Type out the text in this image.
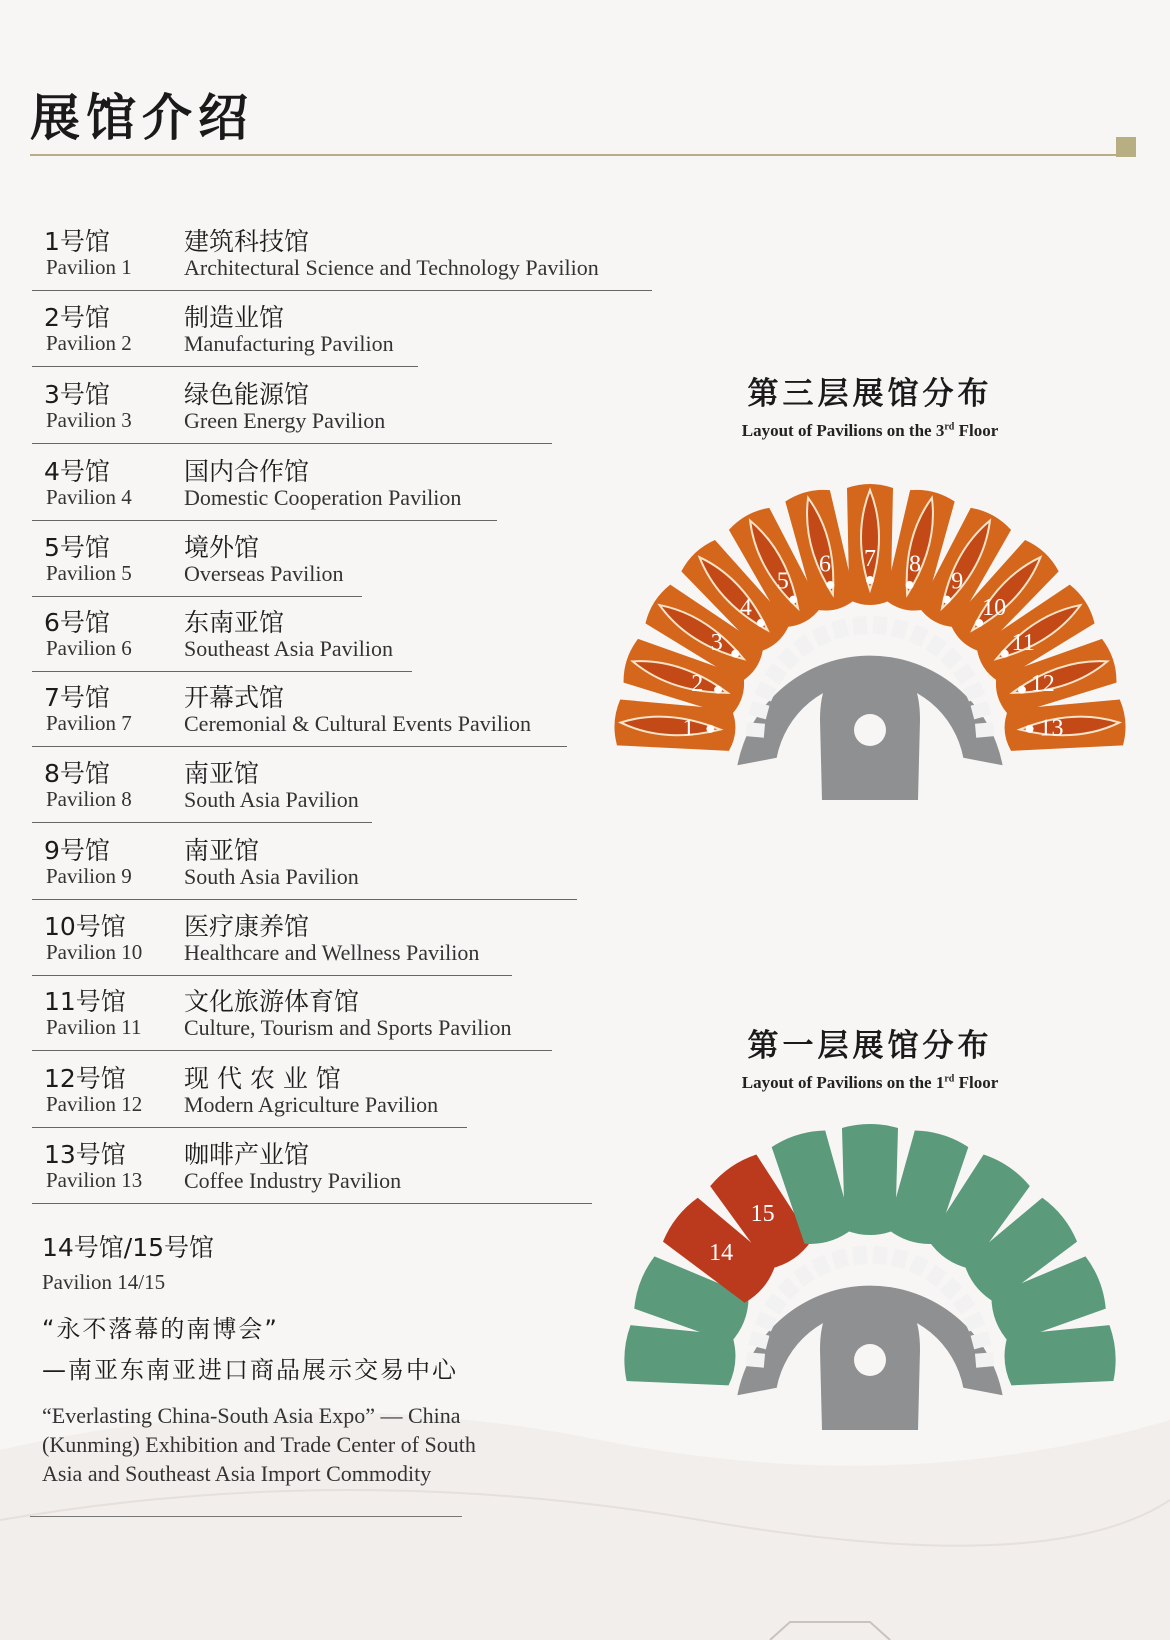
展馆介绍
1号馆
Pavilion 1
建筑科技馆
Architectural Science and Technology Pavilion
2号馆
Pavilion 2
制造业馆
Manufacturing Pavilion
3号馆
Pavilion 3
绿色能源馆
Green Energy Pavilion
4号馆
Pavilion 4
国内合作馆
Domestic Cooperation Pavilion
5号馆
Pavilion 5
境外馆
Overseas Pavilion
6号馆
Pavilion 6
东南亚馆
Southeast Asia Pavilion
7号馆
Pavilion 7
开幕式馆
Ceremonial & Cultural Events Pavilion
8号馆
Pavilion 8
南亚馆
South Asia Pavilion
9号馆
Pavilion 9
南亚馆
South Asia Pavilion
10号馆
Pavilion 10
医疗康养馆
Healthcare and Wellness Pavilion
11号馆
Pavilion 11
文化旅游体育馆
Culture, Tourism and Sports Pavilion
12号馆
Pavilion 12
现 代 农 业 馆
Modern Agriculture Pavilion
13号馆
Pavilion 13
咖啡产业馆
Coffee Industry Pavilion
14号馆/15号馆
Pavilion 14/15
“永不落幕的南博会”
—南亚东南亚进口商品展示交易中心
“Everlasting China-South Asia Expo” — China (Kunming) Exhibition and Trade Center of South Asia and Southeast Asia Import Commodity
第三层展馆分布
Layout of Pavilions on the 3rd Floor
1
2
3
4
5
6 7 8
9
10
11
12
13
第一层展馆分布
Layout of Pavilions on the 1rd Floor
14
15
